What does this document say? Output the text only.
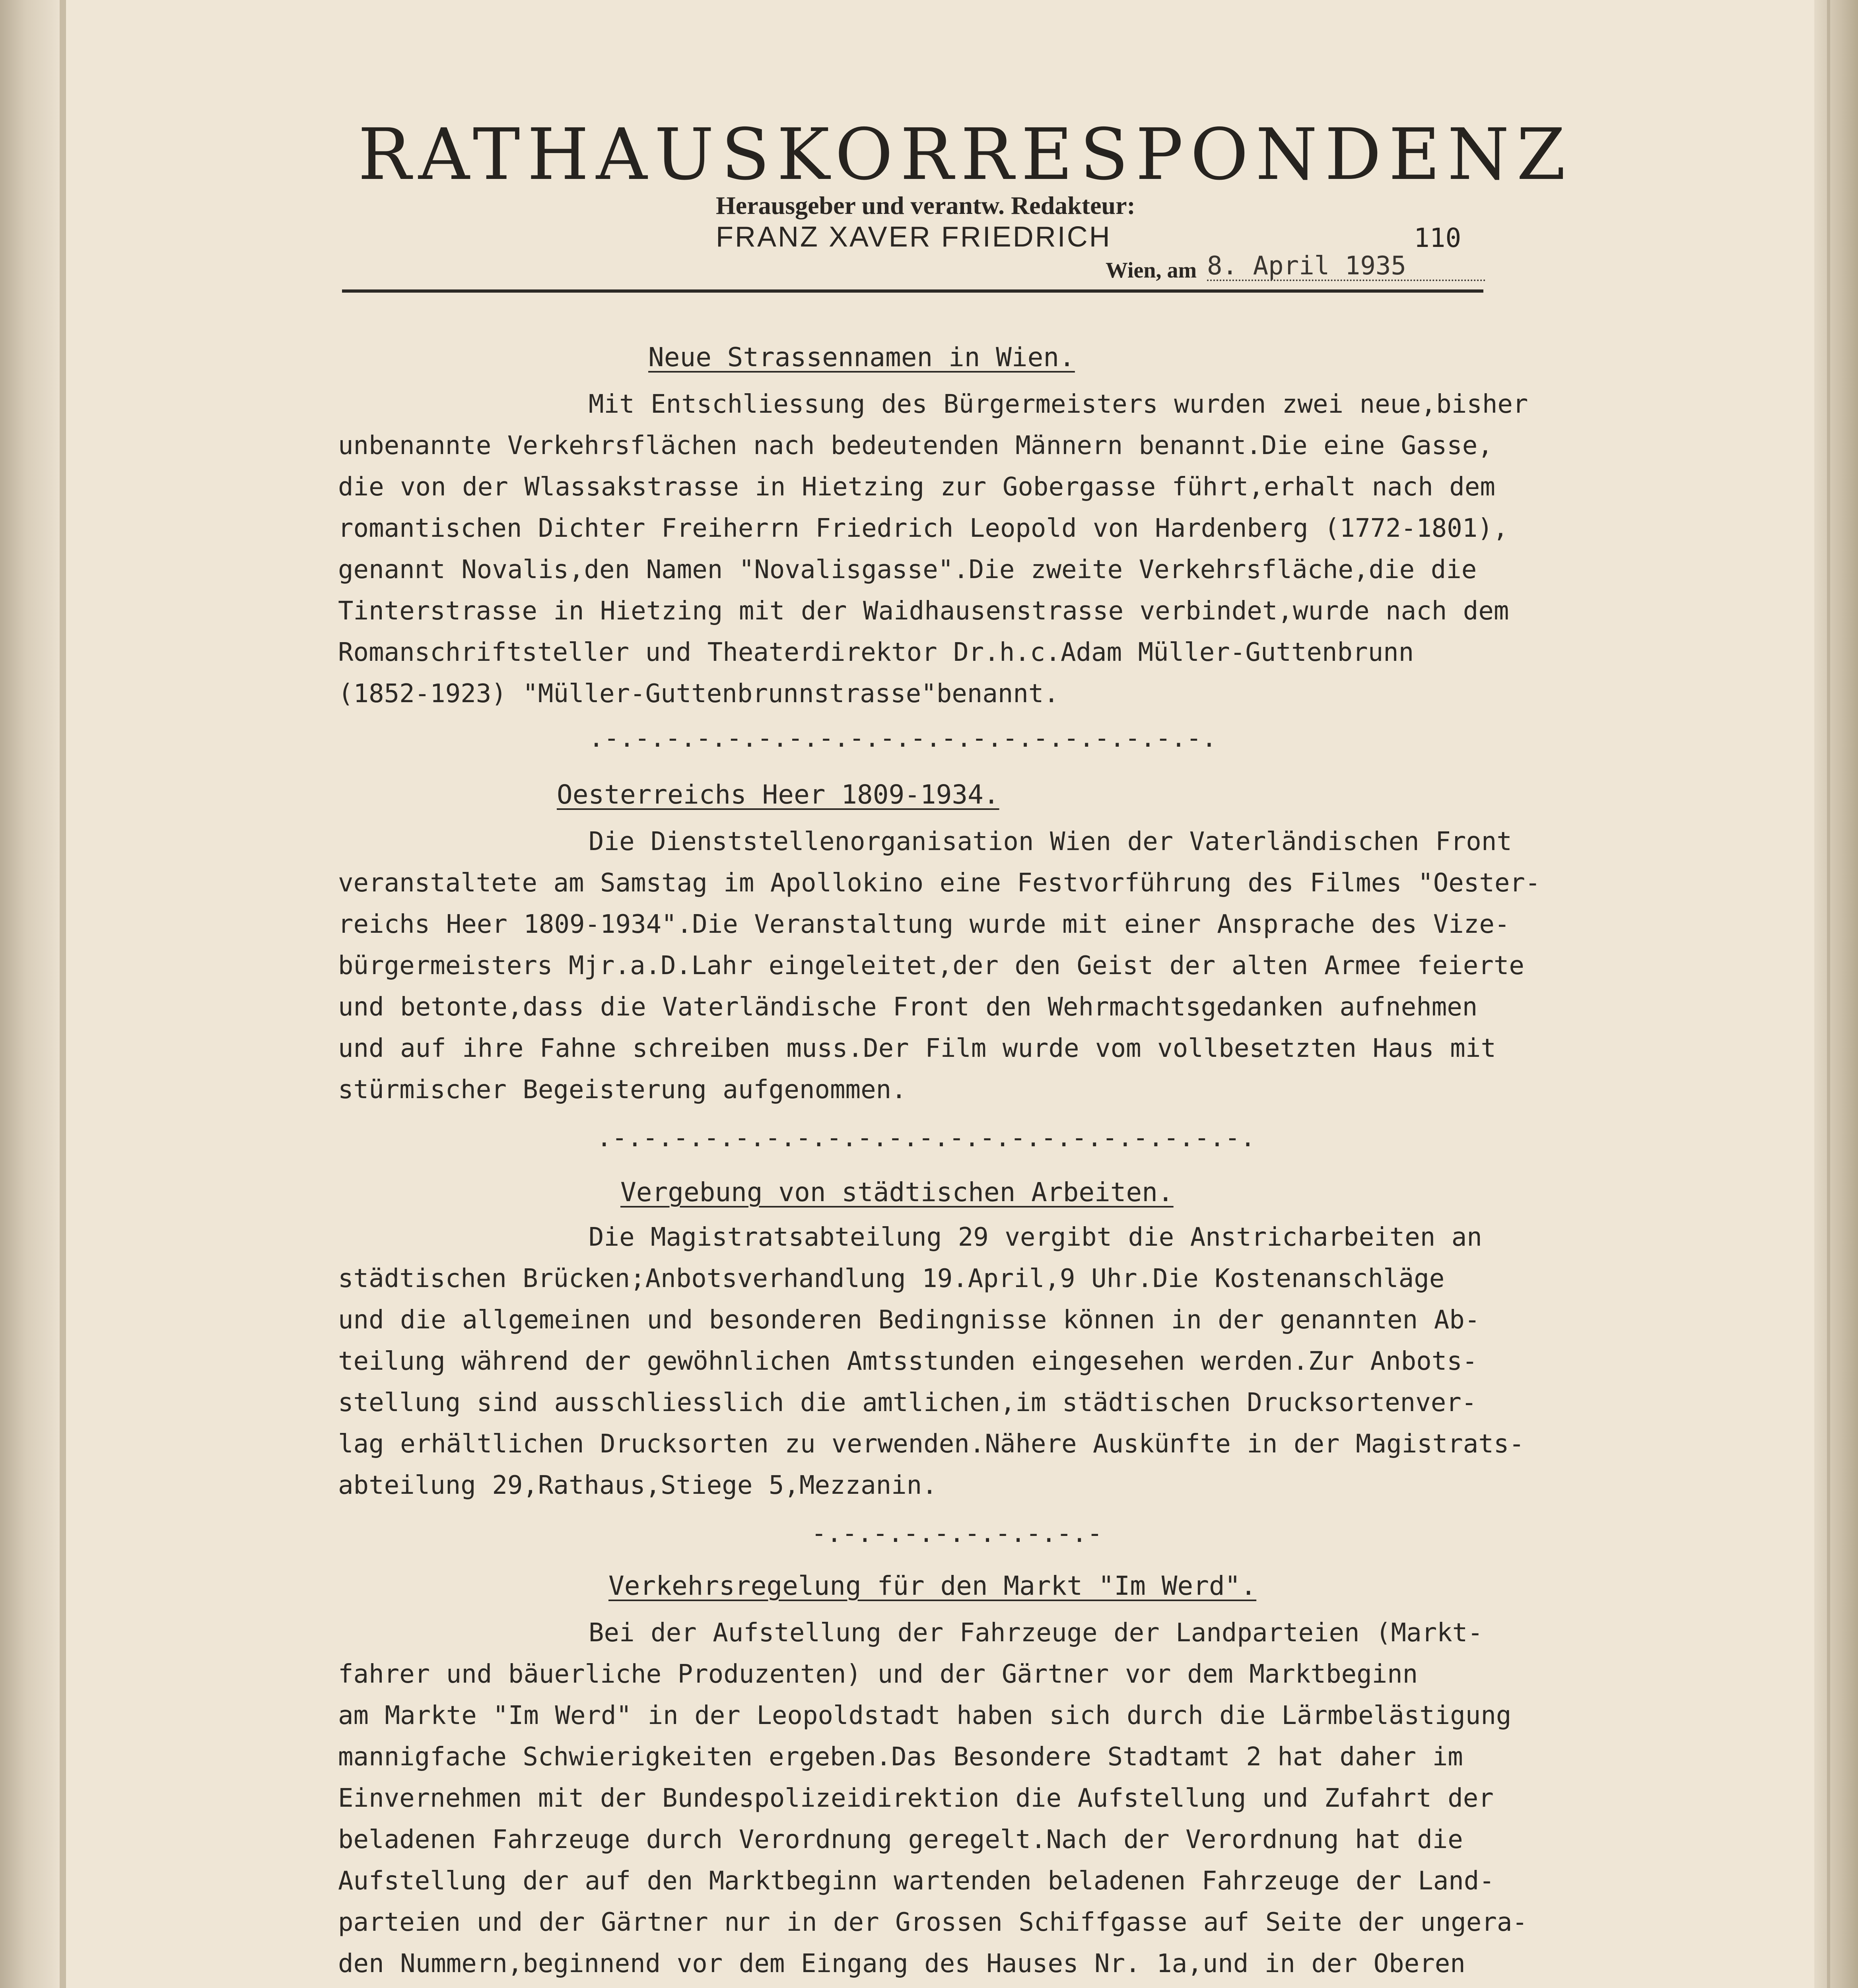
RATHAUSKORRESPONDENZ
Herausgeber und verantw. Redakteur:
FRANZ XAVER FRIEDRICH	110
Wien, am 8. April 1935
Neue Strassennamen in Wien.
Mit Entschliessung des Bürgermeisters wurden zwei neue,bisher
unbenannte Verkehrsflächen nach bedeutenden Männern benannt.Die eine Gasse,
die von der Wlassakstrasse in Hietzing zur Gobergasse führt,erhalt nach dem
romantischen Dichter Freiherrn Friedrich Leopold von Hardenberg (1772-1801),
genannt Novalis,den Namen "Novalisgasse".Die zweite Verkehrsfläche,die die
Tinterstrasse in Hietzing mit der Waidhausenstrasse verbindet,wurde nach dem
Romanschriftsteller und Theaterdirektor Dr.h.c.Adam Müller-Guttenbrunn
(1852-1923) "Müller-Guttenbrunnstrasse"benannt.
.-.-.-.-.-.-.-.-.-.-.-.-.-.-.-.-.-.-.-.-.
Oesterreichs Heer 1809-1934.
Die Dienststellenorganisation Wien der Vaterländischen Front
veranstaltete am Samstag im Apollokino eine Festvorführung des Filmes "Oester-
reichs Heer 1809-1934".Die Veranstaltung wurde mit einer Ansprache des Vize-
bürgermeisters Mjr.a.D.Lahr eingeleitet,der den Geist der alten Armee feierte
und betonte,dass die Vaterländische Front den Wehrmachtsgedanken aufnehmen
und auf ihre Fahne schreiben muss.Der Film wurde vom vollbesetzten Haus mit
stürmischer Begeisterung aufgenommen.
.-.-.-.-.-.-.-.-.-.-.-.-.-.-.-.-.-.-.-.-.-.
Vergebung von städtischen Arbeiten.
Die Magistratsabteilung 29 vergibt die Anstricharbeiten an
städtischen Brücken;Anbotsverhandlung 19.April,9 Uhr.Die Kostenanschläge
und die allgemeinen und besonderen Bedingnisse können in der genannten Ab-
teilung während der gewöhnlichen Amtsstunden eingesehen werden.Zur Anbots-
stellung sind ausschliesslich die amtlichen,im städtischen Drucksortenver-
lag erhältlichen Drucksorten zu verwenden.Nähere Auskünfte in der Magistrats-
abteilung 29,Rathaus,Stiege 5,Mezzanin.
-.-.-.-.-.-.-.-.-.-
Verkehrsregelung für den Markt "Im Werd".
Bei der Aufstellung der Fahrzeuge der Landparteien (Markt-
fahrer und bäuerliche Produzenten) und der Gärtner vor dem Marktbeginn
am Markte "Im Werd" in der Leopoldstadt haben sich durch die Lärmbelästigung
mannigfache Schwierigkeiten ergeben.Das Besondere Stadtamt 2 hat daher im
Einvernehmen mit der Bundespolizeidirektion die Aufstellung und Zufahrt der
beladenen Fahrzeuge durch Verordnung geregelt.Nach der Verordnung hat die
Aufstellung der auf den Marktbeginn wartenden beladenen Fahrzeuge der Land-
parteien und der Gärtner nur in der Grossen Schiffgasse auf Seite der ungera-
den Nummern,beginnend vor dem Eingang des Hauses Nr. 1a,und in der Oberen
